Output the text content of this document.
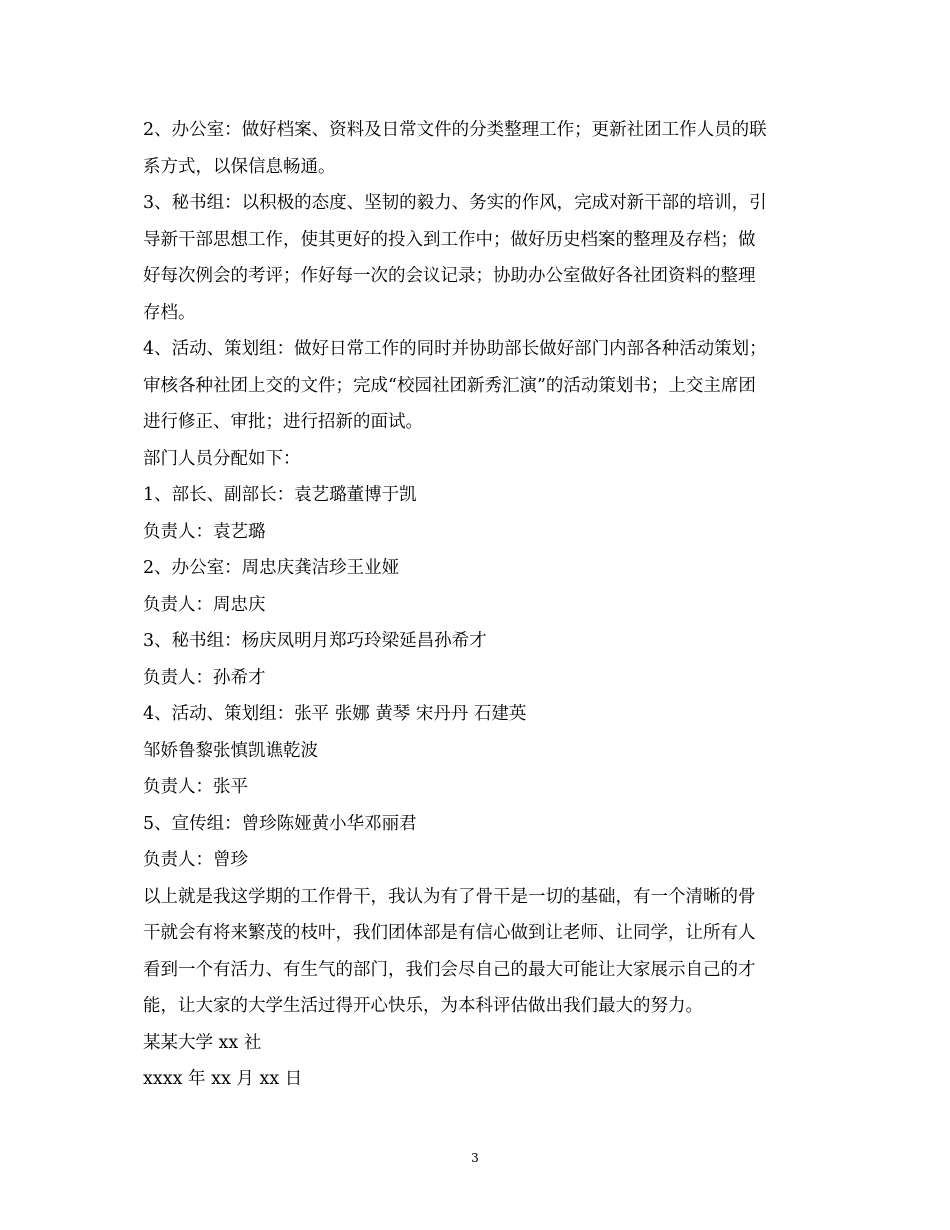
2、办公室：做好档案、资料及日常文件的分类整理工作；更新社团工作人员的联
系方式，以保信息畅通。
3、秘书组：以积极的态度、坚韧的毅力、务实的作风，完成对新干部的培训，引
导新干部思想工作，使其更好的投入到工作中；做好历史档案的整理及存档；做
好每次例会的考评；作好每一次的会议记录；协助办公室做好各社团资料的整理
存档。
4、活动、策划组：做好日常工作的同时并协助部长做好部门内部各种活动策划；
审核各种社团上交的文件；完成“校园社团新秀汇演”的活动策划书；上交主席团
进行修正、审批；进行招新的面试。
部门人员分配如下：
1、部长、副部长：袁艺璐董博于凯
负责人：袁艺璐
2、办公室：周忠庆龚洁珍王业娅
负责人：周忠庆
3、秘书组：杨庆凤明月郑巧玲梁延昌孙希才
负责人：孙希才
4、活动、策划组：张平 张娜 黄琴 宋丹丹 石建英
邹娇鲁黎张慎凯谯乾波
负责人：张平
5、宣传组：曾珍陈娅黄小华邓丽君
负责人：曾珍
以上就是我这学期的工作骨干，我认为有了骨干是一切的基础，有一个清晰的骨
干就会有将来繁茂的枝叶，我们团体部是有信心做到让老师、让同学，让所有人
看到一个有活力、有生气的部门，我们会尽自己的最大可能让大家展示自己的才
能，让大家的大学生活过得开心快乐，为本科评估做出我们最大的努力。
某某大学 xx 社
xxxx 年 xx 月 xx 日
3
